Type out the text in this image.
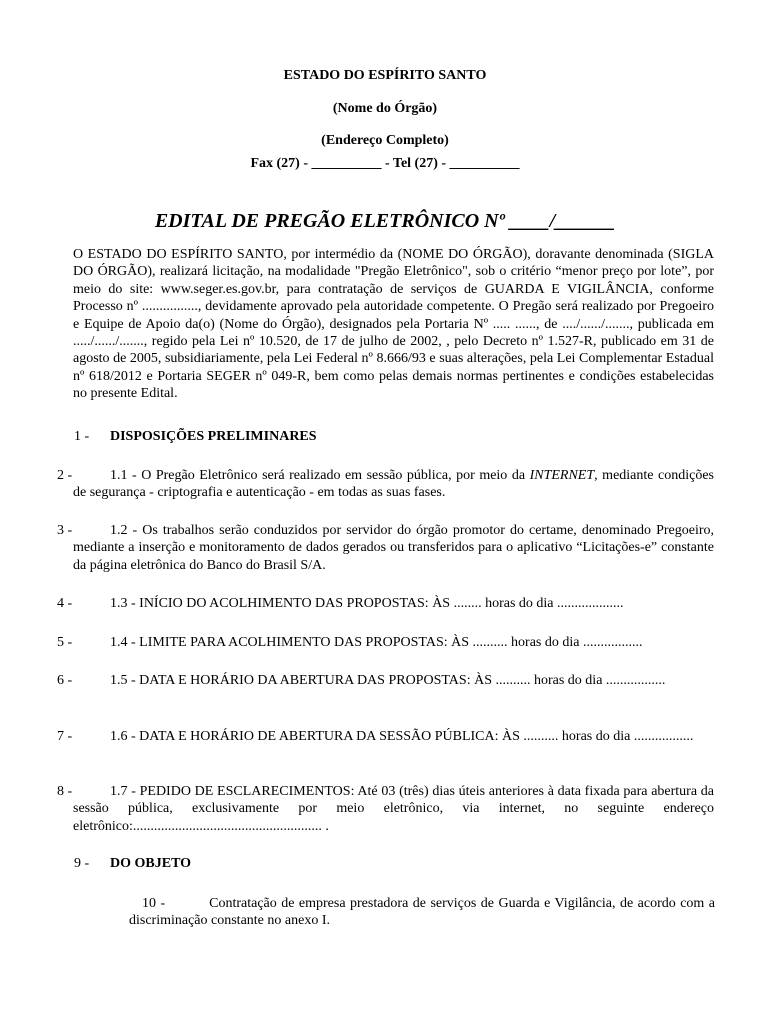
ESTADO DO ESPÍRITO SANTO
(Nome do Órgão)
(Endereço Completo)
Fax (27) - __________ - Tel (27) - __________
EDITAL DE PREGÃO ELETRÔNICO Nº ____/______
O ESTADO DO ESPÍRITO SANTO, por intermédio da (NOME DO ÓRGÃO), doravante denominada (SIGLA DO ÓRGÃO), realizará licitação, na modalidade "Pregão Eletrônico", sob o critério “menor preço por lote”, por meio do site: www.seger.es.gov.br, para contratação de serviços de GUARDA E VIGILÂNCIA, conforme Processo nº ................, devidamente aprovado pela autoridade competente. O Pregão será realizado por Pregoeiro e Equipe de Apoio da(o) (Nome do Órgão), designados pela Portaria Nº ..... ......, de ..../....../......., publicada em ...../....../......., regido pela Lei nº 10.520, de 17 de julho de 2002, , pelo Decreto nº 1.527-R, publicado em 31 de agosto de 2005, subsidiariamente, pela Lei Federal nº 8.666/93 e suas alterações, pela Lei Complementar Estadual nº 618/2012 e Portaria SEGER nº 049-R, bem como pelas demais normas pertinentes e condições estabelecidas no presente Edital.
1 - DISPOSIÇÕES PRELIMINARES
2 -	1.1 - O Pregão Eletrônico será realizado em sessão pública, por meio da INTERNET, mediante condições de segurança - criptografia e autenticação - em todas as suas fases.
3 -	1.2 - Os trabalhos serão conduzidos por servidor do órgão promotor do certame, denominado Pregoeiro, mediante a inserção e monitoramento de dados gerados ou transferidos para o aplicativo “Licitações-e” constante da página eletrônica do Banco do Brasil S/A.
4 -	1.3 - INÍCIO DO ACOLHIMENTO DAS PROPOSTAS: ÀS ........ horas do dia ...................
5 -	1.4 - LIMITE PARA ACOLHIMENTO DAS PROPOSTAS: ÀS .......... horas do dia .................
6 -	1.5 - DATA E HORÁRIO DA ABERTURA DAS PROPOSTAS: ÀS .......... horas do dia .................
7 -	1.6 - DATA E HORÁRIO DE ABERTURA DA SESSÃO PÚBLICA: ÀS .......... horas do dia .................
8 -	1.7 - PEDIDO DE ESCLARECIMENTOS: Até 03 (três) dias úteis anteriores à data fixada para abertura da sessão pública, exclusivamente por meio eletrônico, via internet, no seguinte endereço eletrônico:...................................................... .
9 - DO OBJETO
10 -	Contratação de empresa prestadora de serviços de Guarda e Vigilância, de acordo com a discriminação constante no anexo I.
